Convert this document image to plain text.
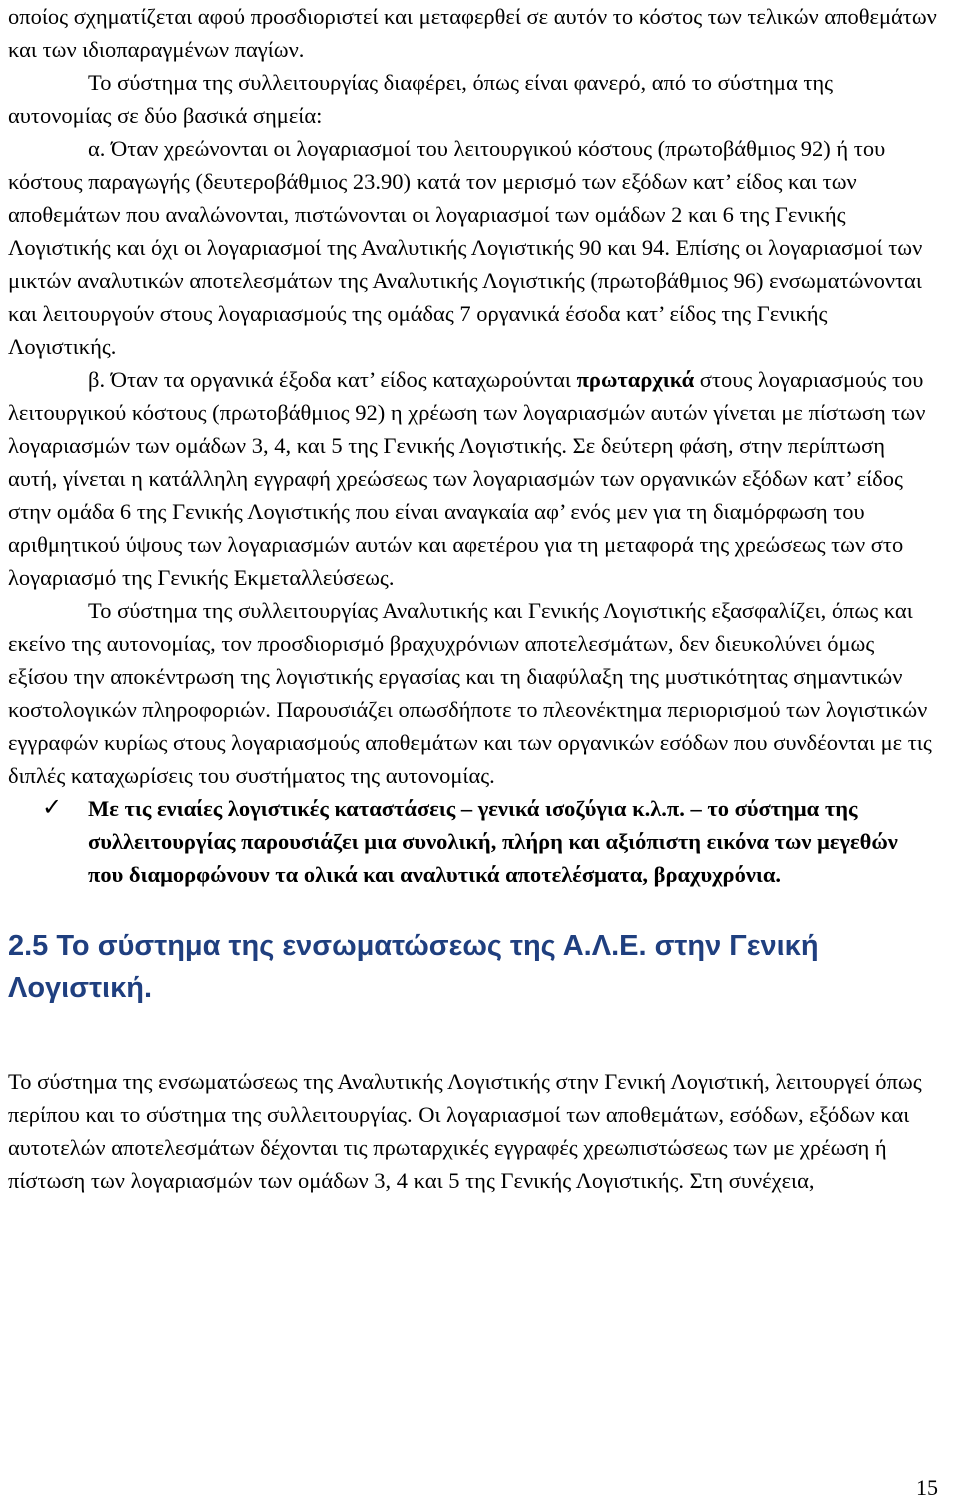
οποίος σχηματίζεται αφού προσδιοριστεί και μεταφερθεί σε αυτόν το κόστος των τελικών αποθεμάτων και των ιδιοπαραγμένων παγίων.

Το σύστημα της συλλειτουργίας διαφέρει, όπως είναι φανερό, από το σύστημα της αυτονομίας σε δύο βασικά σημεία:

α. Όταν χρεώνονται οι λογαριασμοί του λειτουργικού κόστους (πρωτοβάθμιος 92) ή του κόστους παραγωγής (δευτεροβάθμιος 23.90) κατά τον μερισμό των εξόδων κατ’ είδος και των αποθεμάτων που αναλώνονται, πιστώνονται οι λογαριασμοί των ομάδων 2 και 6 της Γενικής Λογιστικής και όχι οι λογαριασμοί της Αναλυτικής Λογιστικής 90 και 94. Επίσης οι λογαριασμοί των μικτών αναλυτικών αποτελεσμάτων της Αναλυτικής Λογιστικής (πρωτοβάθμιος 96) ενσωματώνονται και λειτουργούν στους λογαριασμούς της ομάδας 7 οργανικά έσοδα κατ’ είδος της Γενικής Λογιστικής.

β. Όταν τα οργανικά έξοδα κατ’ είδος καταχωρούνται πρωταρχικά στους λογαριασμούς του λειτουργικού κόστους (πρωτοβάθμιος 92) η χρέωση των λογαριασμών αυτών γίνεται με πίστωση των λογαριασμών των ομάδων 3, 4, και 5 της Γενικής Λογιστικής. Σε δεύτερη φάση, στην περίπτωση αυτή, γίνεται η κατάλληλη εγγραφή χρεώσεως των λογαριασμών των οργανικών εξόδων κατ’ είδος στην ομάδα 6 της Γενικής Λογιστικής που είναι αναγκαία αφ’ ενός μεν για τη διαμόρφωση του αριθμητικού ύψους των λογαριασμών αυτών και αφετέρου για τη μεταφορά της χρεώσεως των στο λογαριασμό της Γενικής Εκμεταλλεύσεως.

Το σύστημα της συλλειτουργίας Αναλυτικής και Γενικής Λογιστικής εξασφαλίζει, όπως και εκείνο της αυτονομίας, τον προσδιορισμό βραχυχρόνιων αποτελεσμάτων, δεν διευκολύνει όμως εξίσου την αποκέντρωση της λογιστικής εργασίας και τη διαφύλαξη της μυστικότητας σημαντικών κοστολογικών πληροφοριών. Παρουσιάζει οπωσδήποτε το πλεονέκτημα περιορισμού των λογιστικών εγγραφών κυρίως στους λογαριασμούς αποθεμάτων και των οργανικών εσόδων που συνδέονται με τις διπλές καταχωρίσεις του συστήματος της αυτονομίας.

✓ Με τις ενιαίες λογιστικές καταστάσεις – γενικά ισοζύγια κ.λ.π. – το σύστημα της συλλειτουργίας παρουσιάζει μια συνολική, πλήρη και αξιόπιστη εικόνα των μεγεθών που διαμορφώνουν τα ολικά και αναλυτικά αποτελέσματα, βραχυχρόνια.
2.5 Το σύστημα της ενσωματώσεως της Α.Λ.Ε. στην Γενική Λογιστική.

Το σύστημα της ενσωματώσεως της Αναλυτικής Λογιστικής στην Γενική Λογιστική, λειτουργεί όπως περίπου και το σύστημα της συλλειτουργίας. Οι λογαριασμοί των αποθεμάτων, εσόδων, εξόδων και αυτοτελών αποτελεσμάτων δέχονται τις πρωταρχικές εγγραφές χρεωπιστώσεως των με χρέωση ή πίστωση των λογαριασμών των ομάδων 3, 4 και 5 της Γενικής Λογιστικής. Στη συνέχεια,

15
